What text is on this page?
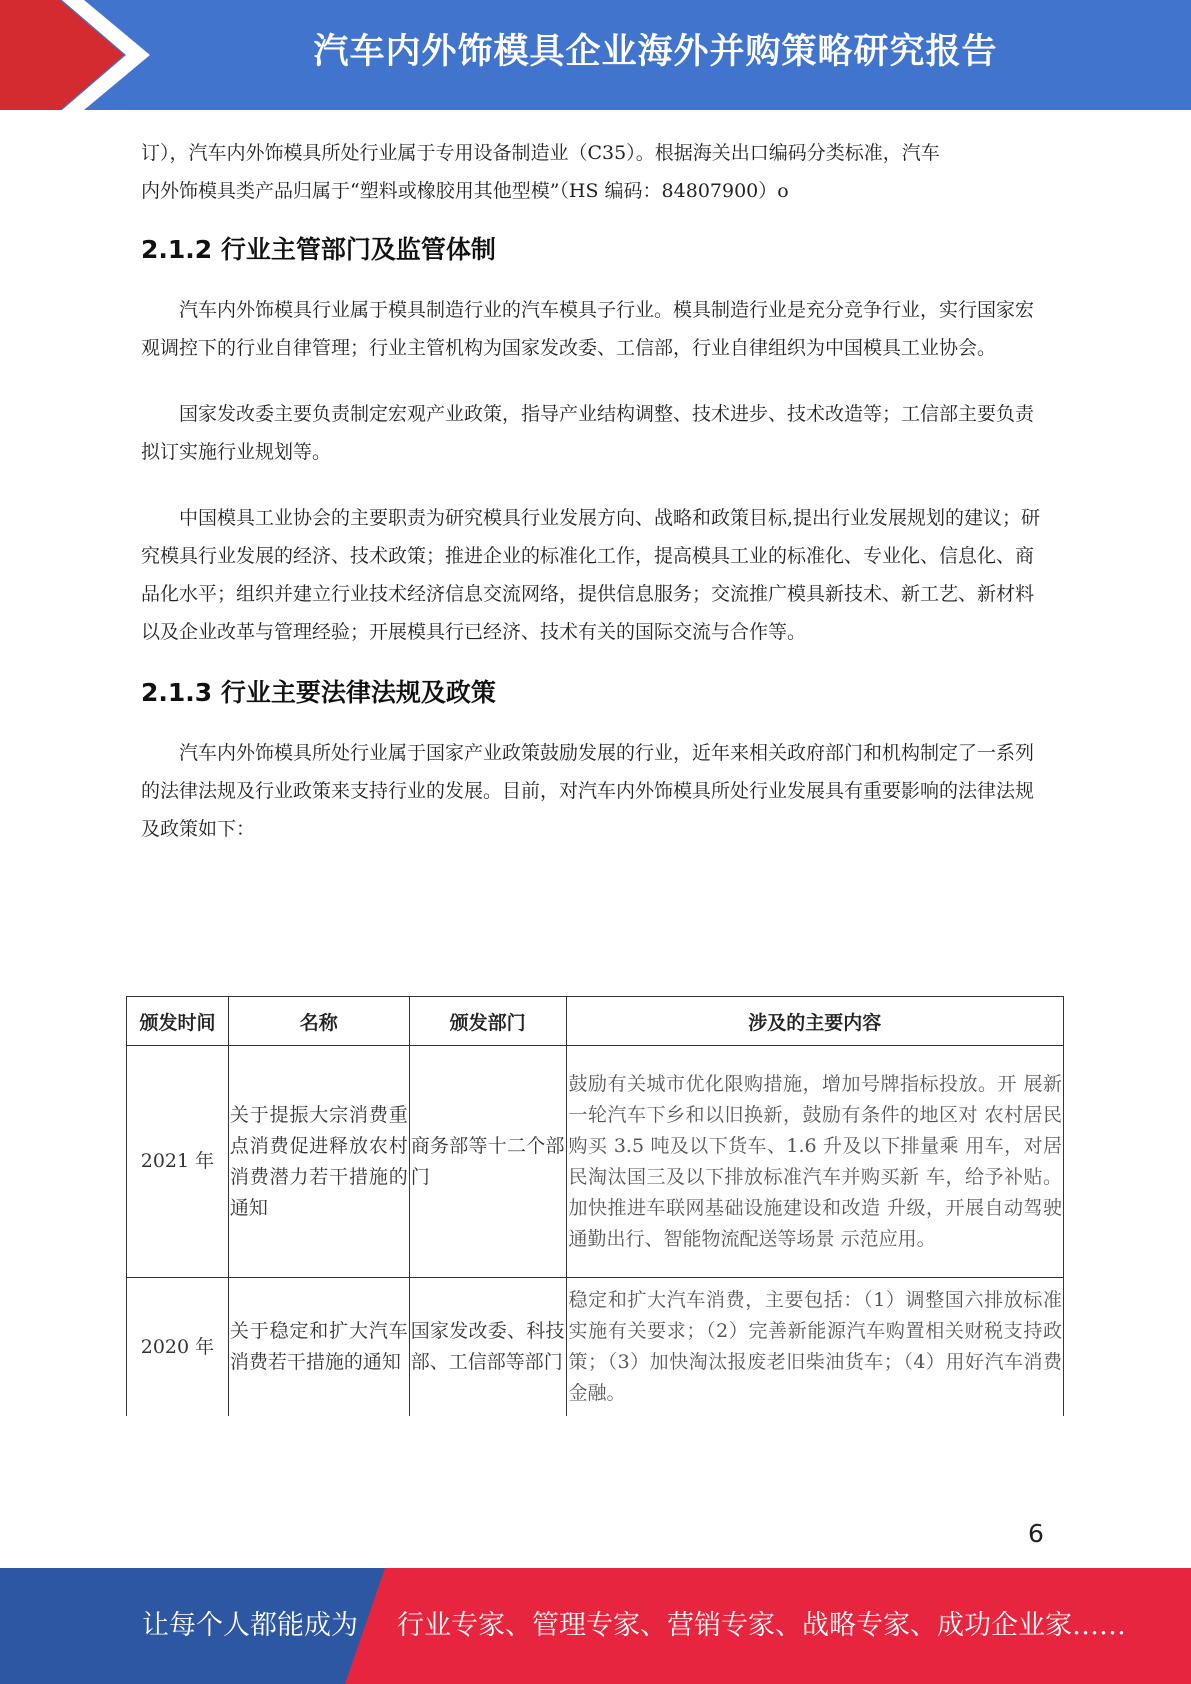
汽车内外饰模具企业海外并购策略研究报告

订），汽车内外饰模具所处行业属于专用设备制造业（C35）。根据海关出口编码分类标准，汽车

内外饰模具类产品归属于“塑料或橡胶用其他型模”（HS 编码：84807900）o

2.1.2 行业主管部门及监管体制

汽车内外饰模具行业属于模具制造行业的汽车模具子行业。模具制造行业是充分竞争行业，实行国家宏观调控下的行业自律管理；行业主管机构为国家发改委、工信部，行业自律组织为中国模具工业协会。

国家发改委主要负责制定宏观产业政策，指导产业结构调整、技术进步、技术改造等；工信部主要负责拟订实施行业规划等。

中国模具工业协会的主要职责为研究模具行业发展方向、战略和政策目标,提出行业发展规划的建议；研究模具行业发展的经济、技术政策；推进企业的标准化工作，提高模具工业的标准化、专业化、信息化、商品化水平；组织并建立行业技术经济信息交流网络，提供信息服务；交流推广模具新技术、新工艺、新材料以及企业改革与管理经验；开展模具行已经济、技术有关的国际交流与合作等。

2.1.3 行业主要法律法规及政策

汽车内外饰模具所处行业属于国家产业政策鼓励发展的行业，近年来相关政府部门和机构制定了一系列的法律法规及行业政策来支持行业的发展。目前，对汽车内外饰模具所处行业发展具有重要影响的法律法规及政策如下：

颁发时间	名称	颁发部门	涉及的主要内容
2021 年	关于提振大宗消费重点消费促进释放农村消费潜力若干措施的通知	商务部等十二个部门	鼓励有关城市优化限购措施，增加号牌指标投放。开 展新一轮汽车下乡和以旧换新，鼓励有条件的地区对 农村居民购买 3.5 吨及以下货车、1.6 升及以下排量乘 用车，对居民淘汰国三及以下排放标准汽车并购买新 车，给予补贴。加快推进车联网基础设施建设和改造 升级，开展自动驾驶通勤出行、智能物流配送等场景 示范应用。
2020 年	关于稳定和扩大汽车消费若干措施的通知	国家发改委、科技部、工信部等部门	稳定和扩大汽车消费，主要包括：（1）调整国六排放标准实施有关要求；（2）完善新能源汽车购置相关财税支持政策；（3）加快淘汰报废老旧柴油货车；（4）用好汽车消费金融。
6
让每个人都能成为 行业专家、管理专家、营销专家、战略专家、成功企业家……
